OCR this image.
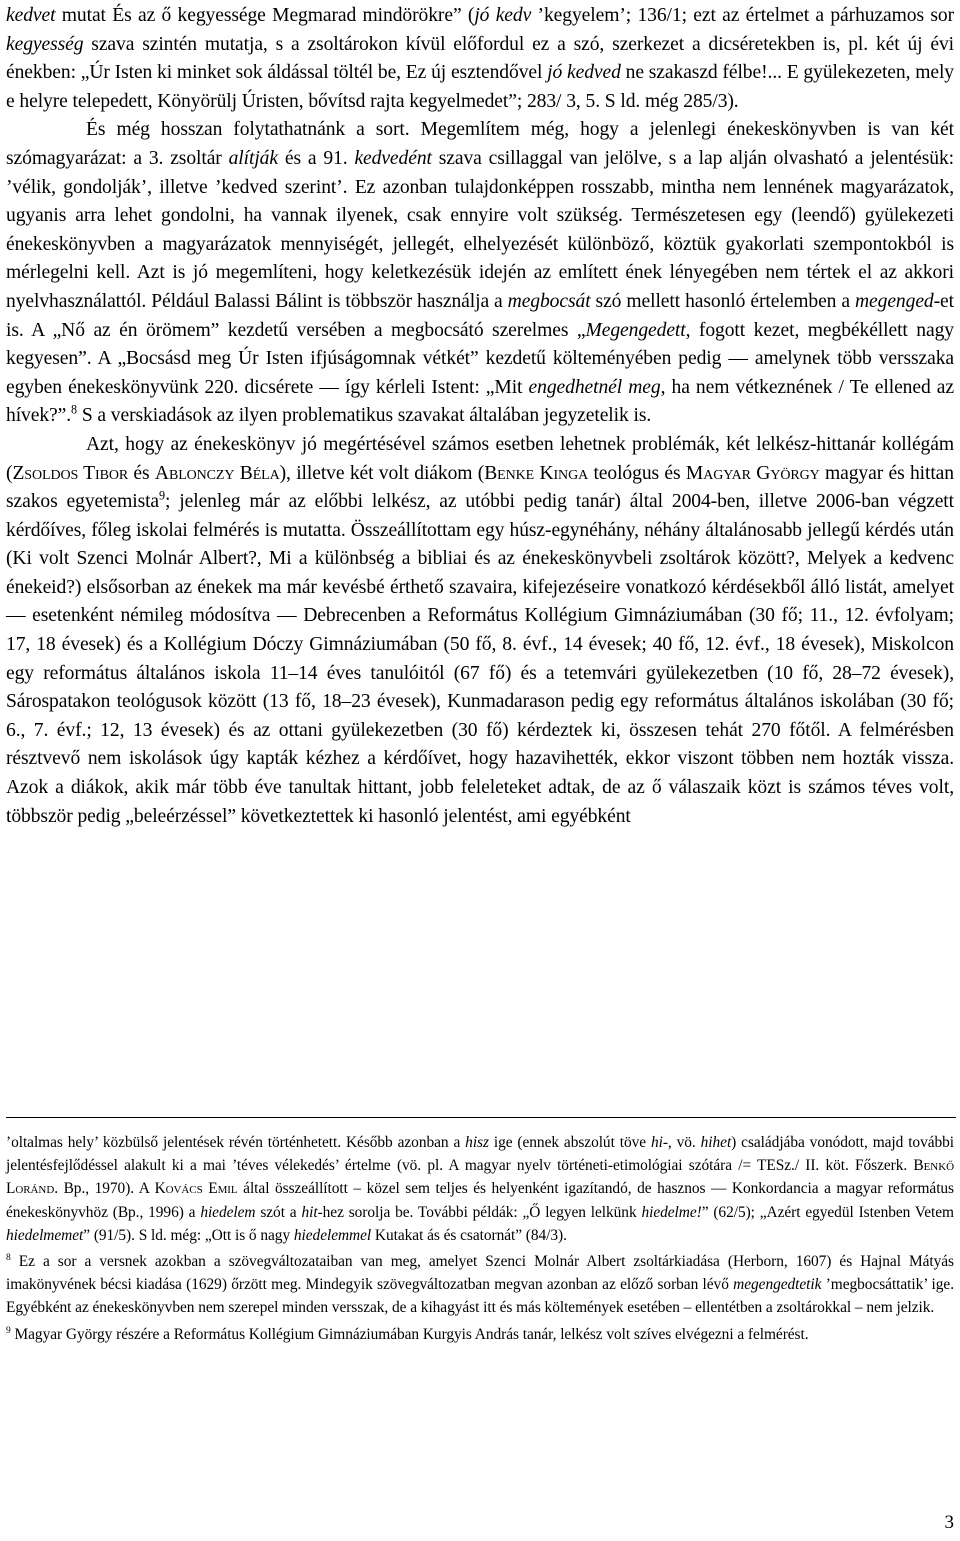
kedvet mutat És az ő kegyessége Megmarad mindörökre” (jó kedv ’kegyelem’; 136/1; ezt az értelmet a párhuzamos sor kegyesség szava szintén mutatja, s a zsoltárokon kívül előfordul ez a szó, szerkezet a dicséretekben is, pl. két új évi énekben: „Úr Isten ki minket sok áldással töltél be, Ez új esztendővel jó kedved ne szakaszd félbe!... E gyülekezeten, mely e helyre telepedett, Könyörülj Úristen, bővítsd rajta kegyelmedet”; 283/ 3, 5. S ld. még 285/3).

És még hosszan folytathatnánk a sort. Megemlítem még, hogy a jelenlegi énekeskönyvben is van két szómagyarázat: a 3. zsoltár alítják és a 91. kedvedént szava csillaggal van jelölve, s a lap alján olvasható a jelentésük: ’vélik, gondolják’, illetve ’kedved szerint’. Ez azonban tulajdonképpen rosszabb, mintha nem lennének magyarázatok, ugyanis arra lehet gondolni, ha vannak ilyenek, csak ennyire volt szükség. Természetesen egy (leendő) gyülekezeti énekeskönyvben a magyarázatok mennyiségét, jellegét, elhelyezését különböző, köztük gyakorlati szempontokból is mérlegelni kell. Azt is jó megemlíteni, hogy keletkezésük idején az említett ének lényegében nem tértek el az akkori nyelvhasználattól. Például Balassi Bálint is többször használja a megbocsát szó mellett hasonló értelemben a megenged-et is. A „Nő az én örömem” kezdetű versében a megbocsátó szerelmes „Megengedett, fogott kezet, megbékéllett nagy kegyesen”. A „Bocsásd meg Úr Isten ifjúságomnak vétkét” kezdetű költeményében pedig — amelynek több versszaka egyben énekeskönyvünk 220. dicsérete — így kérleli Istent: „Mit engedhetnél meg, ha nem vétkeznének / Te ellened az hívek?”.$^8$ S a verskiadások az ilyen problematikus szavakat általában jegyzetelik is.

Azt, hogy az énekeskönyv jó megértésével számos esetben lehetnek problémák, két lelkész-hittanár kollégám (Zsoldos Tibor és Ablonczy Béla), illetve két volt diákom (Benke Kinga teológus és Magyar György magyar és hittan szakos egyetemista$^9$; jelenleg már az előbbi lelkész, az utóbbi pedig tanár) által 2004-ben, illetve 2006-ban végzett kérdőíves, főleg iskolai felmérés is mutatta. Összeállítottam egy húsz-egynéhány, néhány általánosabb jellegű kérdés után (Ki volt Szenci Molnár Albert?, Mi a különbség a bibliai és az énekeskönyvbeli zsoltárok között?, Melyek a kedvenc énekeid?) elsősorban az énekek ma már kevésbé érthető szavaira, kifejezéseire vonatkozó kérdésekből álló listát, amelyet — esetenként némileg módosítva — Debrecenben a Református Kollégium Gimnáziumában (30 fő; 11., 12. évfolyam; 17, 18 évesek) és a Kollégium Dóczy Gimnáziumában (50 fő, 8. évf., 14 évesek; 40 fő, 12. évf., 18 évesek), Miskolcon egy református általános iskola 11–14 éves tanulóitól (67 fő) és a tetemvári gyülekezetben (10 fő, 28–72 évesek), Sárospatakon teológusok között (13 fő, 18–23 évesek), Kunmadarason pedig egy református általános iskolában (30 fő; 6., 7. évf.; 12, 13 évesek) és az ottani gyülekezetben (30 fő) kérdeztek ki, összesen tehát 270 főtől. A felmérésben résztvevő nem iskolások úgy kapták kézhez a kérdőívet, hogy hazavihették, ekkor viszont többen nem hozták vissza. Azok a diákok, akik már több éve tanultak hittant, jobb feleleteket adtak, de az ő válaszaik közt is számos téves volt, többször pedig „beleérzéssel” következtettek ki hasonló jelentést, ami egyébként

’oltalmas hely’ közbülső jelentések révén történhetett. Később azonban a hisz ige (ennek abszolút töve hi-, vö. hihet) családjába vonódott, majd további jelentésfejlődéssel alakult ki a mai ’téves vélekedés’ értelme (vö. pl. A magyar nyelv történeti-etimológiai szótára /= TESz./ II. köt. Főszerk. Benkő Loránd. Bp., 1970). A Kovács Emil által összeállított – közel sem teljes és helyenként igazítandó, de hasznos — Konkordancia a magyar református énekeskönyvhöz (Bp., 1996) a hiedelem szót a hit-hez sorolja be. További példák: „Ő legyen lelkünk hiedelme!” (62/5); „Azért egyedül Istenben Vetem hiedelmemet” (91/5). S ld. még: „Ott is ő nagy hiedelemmel Kutakat ás és csatornát” (84/3).

$^8$ Ez a sor a versnek azokban a szövegváltozataiban van meg, amelyet Szenci Molnár Albert zsoltárkiadása (Herborn, 1607) és Hajnal Mátyás imakönyvének bécsi kiadása (1629) őrzött meg. Mindegyik szövegváltozatban megvan azonban az előző sorban lévő megengedtetik ’megbocsáttatik’ ige. Egyébként az énekeskönyvben nem szerepel minden versszak, de a kihagyást itt és más költemények esetében – ellentétben a zsoltárokkal – nem jelzik.

$^9$ Magyar György részére a Református Kollégium Gimnáziumában Kurgyis András tanár, lelkész volt szíves elvégezni a felmérést.

3
